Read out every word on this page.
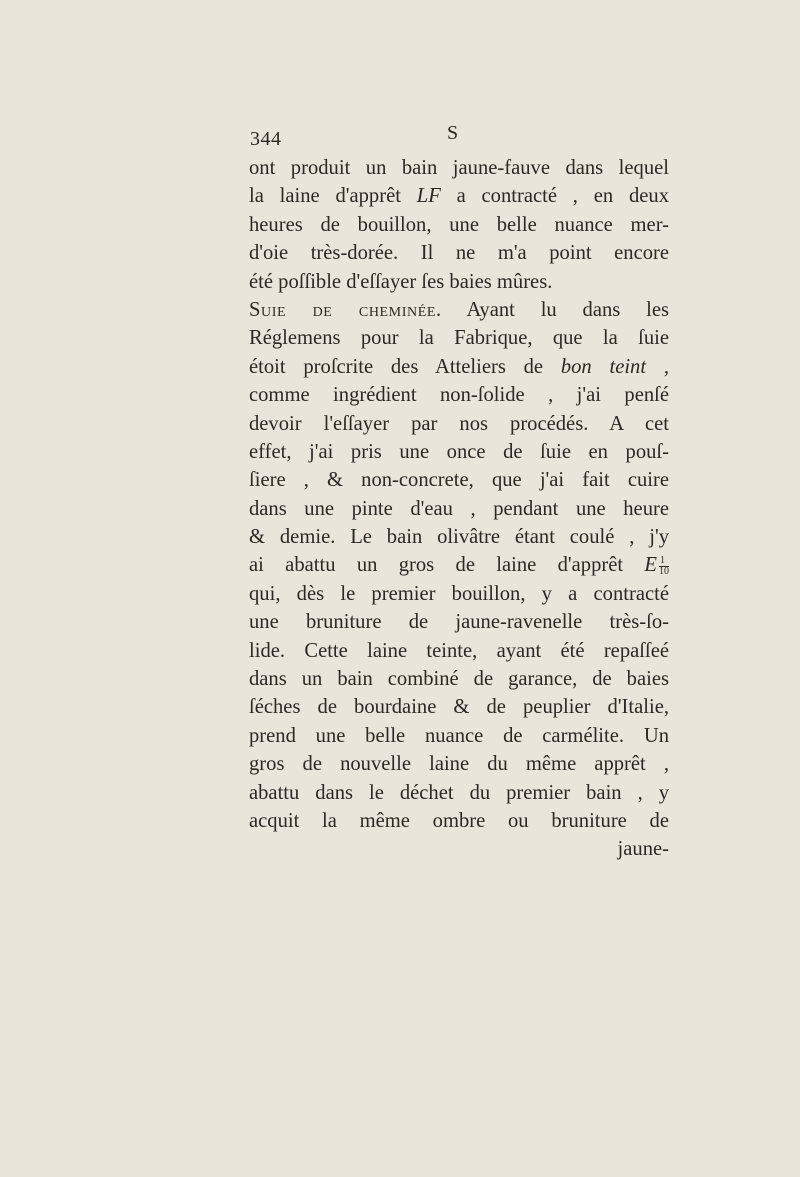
344	S
ont produit un bain jaune-fauve dans lequel
la laine d'apprêt LF a contracté , en deux
heures de bouillon, une belle nuance mer-
d'oie très-dorée. Il ne m'a point encore
été poſſible d'eſſayer ſes baies mûres.
Suie de cheminée. Ayant lu dans les
Réglemens pour la Fabrique, que la ſuie
étoit proſcrite des Atteliers de bon teint ,
comme ingrédient non-ſolide , j'ai penſé
devoir l'eſſayer par nos procédés. A cet
effet, j'ai pris une once de ſuie en pouſ-
ſiere , & non-concrete, que j'ai fait cuire
dans une pinte d'eau , pendant une heure
& demie. Le bain olivâtre étant coulé , j'y
ai abattu un gros de laine d'apprêt E $\frac{1}{10}$
qui, dès le premier bouillon, y a contracté
une bruniture de jaune-ravenelle très-ſo-
lide. Cette laine teinte, ayant été repaſſeé
dans un bain combiné de garance, de baies
ſéches de bourdaine & de peuplier d'Italie,
prend une belle nuance de carmélite. Un
gros de nouvelle laine du même apprêt ,
abattu dans le déchet du premier bain , y
acquit la même ombre ou bruniture de
jaune-
